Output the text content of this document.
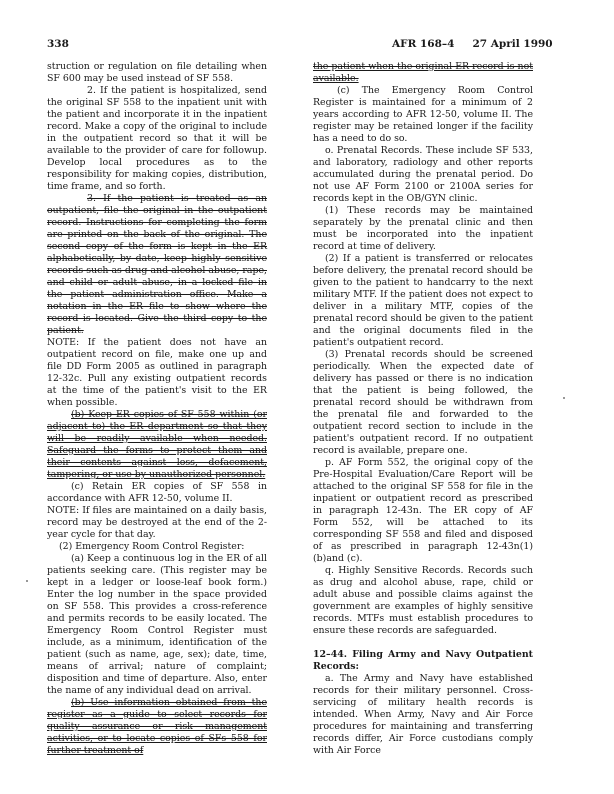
338	AFR 168–4 27 April 1990

struction or regulation on file detailing when SF 600 may be used instead of SF 558.

2. If the patient is hospitalized, send the original SF 558 to the inpatient unit with the patient and incorporate it in the inpatient record. Make a copy of the original to include in the outpatient record so that it will be available to the provider of care for followup. Develop local procedures as to the responsibility for making copies, distribution, time frame, and so forth.

3. If the patient is treated as an outpatient, file the original in the outpatient record. Instructions for completing the form are printed on the back of the original. The second copy of the form is kept in the ER alphabetically, by date, keep highly sensitive records such as drug and alcohol abuse, rape, and child or adult abuse, in a locked file in the patient administration office. Make a notation in the ER file to show where the record is located. Give the third copy to the patient.

NOTE: If the patient does not have an outpatient record on file, make one up and file DD Form 2005 as outlined in paragraph 12-32c. Pull any existing outpatient records at the time of the patient's visit to the ER when possible.

(b) Keep ER copies of SF 558 within (or adjacent to) the ER department so that they will be readily available when needed. Safeguard the forms to protect them and their contents against loss, defacement, tampering, or use by unauthorized personnel.

(c) Retain ER copies of SF 558 in accordance with AFR 12-50, volume II.

NOTE: If files are maintained on a daily basis, record may be destroyed at the end of the 2-year cycle for that day.

(2) Emergency Room Control Register:

(a) Keep a continuous log in the ER of all patients seeking care. (This register may be kept in a ledger or loose-leaf book form.) Enter the log number in the space provided on SF 558. This provides a cross-reference and permits records to be easily located. The Emergency Room Control Register must include, as a minimum, identification of the patient (such as name, age, sex); date, time, means of arrival; nature of complaint; disposition and time of departure. Also, enter the name of any individual dead on arrival.

(b) Use information obtained from the register as a guide to select records for quality assurance or risk management activities, or to locate copies of SFs 558 for further treatment of

the patient when the original ER record is not available.

(c) The Emergency Room Control Register is maintained for a minimum of 2 years according to AFR 12-50, volume II. The register may be retained longer if the facility has a need to do so.

o. Prenatal Records. These include SF 533, and laboratory, radiology and other reports accumulated during the prenatal period. Do not use AF Form 2100 or 2100A series for records kept in the OB/GYN clinic.

(1) These records may be maintained separately by the prenatal clinic and then must be incorporated into the inpatient record at time of delivery.

(2) If a patient is transferred or relocates before delivery, the prenatal record should be given to the patient to handcarry to the next military MTF. If the patient does not expect to deliver in a military MTF, copies of the prenatal record should be given to the patient and the original documents filed in the patient's outpatient record.

(3) Prenatal records should be screened periodically. When the expected date of delivery has passed or there is no indication that the patient is being followed, the prenatal record should be withdrawn from the prenatal file and forwarded to the outpatient record section to include in the patient's outpatient record. If no outpatient record is available, prepare one.

p. AF Form 552, the original copy of the Pre-Hospital Evaluation/Care Report will be attached to the original SF 558 for file in the inpatient or outpatient record as prescribed in paragraph 12-43n. The ER copy of AF Form 552, will be attached to its corresponding SF 558 and filed and disposed of as prescribed in paragraph 12-43n(1)(b)and (c).

q. Highly Sensitive Records. Records such as drug and alcohol abuse, rape, child or adult abuse and possible claims against the government are examples of highly sensitive records. MTFs must establish procedures to ensure these records are safeguarded.

12–44. Filing Army and Navy Outpatient Records:

a. The Army and Navy have established records for their military personnel. Cross-servicing of military health records is intended. When Army, Navy and Air Force procedures for maintaining and transferring records differ, Air Force custodians comply with Air Force
